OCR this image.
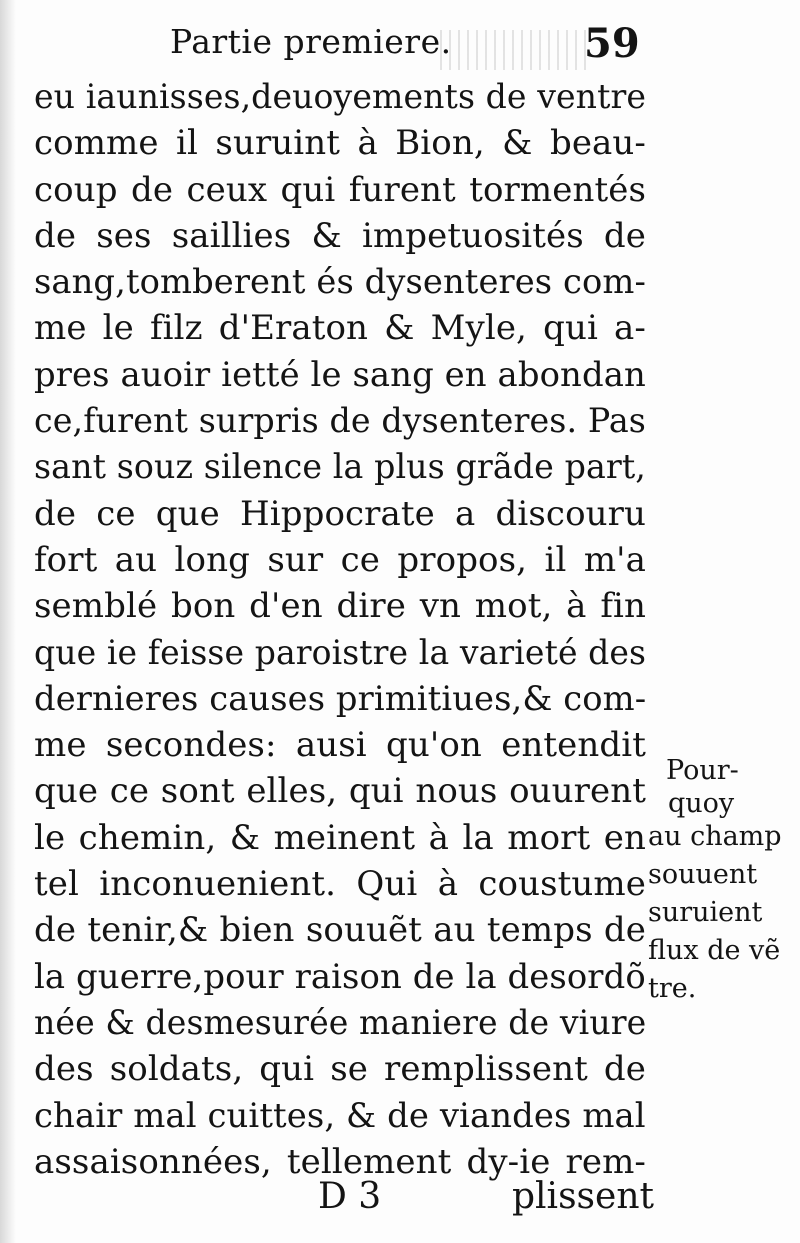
Partie premiere.	59
eu iaunisses,deuoyements de ventre
comme il suruint à Bion, & beau-
coup de ceux qui furent tormentés
de ses saillies & impetuosités de
sang,tomberent és dysenteres com-
me le filz d'Eraton & Myle, qui a-
pres auoir ietté le sang en abondan
ce,furent surpris de dysenteres. Pas
sant souz silence la plus grãde part,
de ce que Hippocrate a discouru
fort au long sur ce propos, il m'a
semblé bon d'en dire vn mot, à fin
que ie feisse paroistre la varieté des
dernieres causes primitiues,& com-
me secondes: ausi qu'on entendit
que ce sont elles, qui nous ouurent
le chemin, & meinent à la mort en
tel inconuenient. Qui à coustume
de tenir,& bien souuẽt au temps de
la guerre,pour raison de la desordõ
née & desmesurée maniere de viure
des soldats, qui se remplissent de
chair mal cuittes, & de viandes mal
assaisonnées, tellement dy-ie rem-
Pour-
quoy
au champ
souuent
suruient
flux de vẽ
tre.
D 3	plissent
